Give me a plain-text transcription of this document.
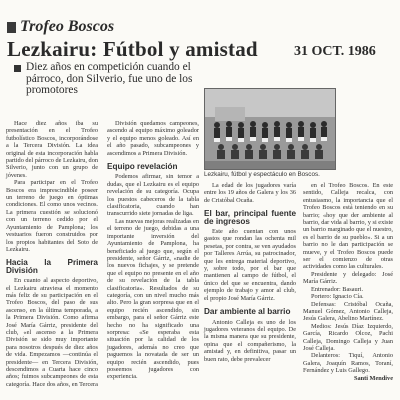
Trofeo Boscos
Lezkairu: Fútbol y amistad	31 OCT. 1986

Diez años en competición cuando el párroco, don Silverio, fue uno de los promotores

Hace diez años iba su presentación en el Trofeo futbolístico Boscos, incorporándose a la Tercera División. La idea original de esta incorporación habla partido del párroco de Lezkairu, don Silverio, junto con un grupo de jóvenes.

Para participar en el Trofeo Boscos era imprescindible poseer un terreno de juego en óptimas condiciones. El como unos vecinos. La primera cuestión se solucionó con un terreno cedido por el Ayuntamiento de Pamplona; los vestuarios fueron construidos por los propios habitantes del Soto de Lezkairu.

Hacia la Primera División

En cuanto al aspecto deportivo, el Lezkairu atraviesa el momento más feliz de su participación en el Trofeo Boscos, del paso de sus ascenso, en la última temporada, a la Primera División. Como afirma José María Gárriz, presidente del club, «el ascenso a la Primera División se sido muy importante para nosotros después de diez años de vida. Empezamos —continúa el presidente— en Tercera División, descendimos a Cuarta hace cinco años; fuimos subcampeones de esta categoría. Hace dos años, en Tercera

División quedamos campeones, ascendo al equipo máximo goleador y el equipo menos goleado. Así en el año pasado, subcampeones y ascendimos a Primera División.

Equipo revelación

Podemos afirmar, sin temor a dudas, que el Lezkairu es el equipo revelación de su categoría. Ocupa los puestos cabeceros de la tabla clasificatoria, cuando han transcurrido siete jornadas de liga.

Las nuevas mejoras realizadas en el terreno de juego, debidas a una importante inversión del Ayuntamiento de Pamplona, ha beneficiado al juego que, según el presidente, señor Gárriz, «nadie de los nuevos fichajes, y se pretende que el equipo no presente en el año de su revelación de la tabla clasificatoria». Resultados de su categoría, con un nivel mucho más alto. Pero la gran sorpresa que en el equipo recién ascendido, sin embargo, para el señor Gárriz este hecho no ha significado una sorpresa: «Se esperaba esta situación por la calidad de los jugadores, además no creo que paguemos la novatada de ser un equipo recién ascendido, pues poseemos jugadores con experiencia.

Lezkairu, fútbol y espectáculo en Boscos.

La edad de los jugadores varía entre los 19 años de Galera y los 36 de Cristóbal Ocaña.

El bar, principal fuente de ingresos

Este año cuentan con unos gastos que rondan las ochenta mil pesetas, por contra, se ven ayudados por Talleres Arrúa, su patrocinador, que les entrega material deportivo, y, sobre todo, por el bar que mantienen al campo de fútbol, el único del que se encuentra, dando ejemplo de trabajo y amor al club, el propio José María Gárriz.

Dar ambiente al barrio

Antonio Calleja es uno de los jugadores veteranos del equipo. De la misma manera que su presidente, opina que el compañerismo, la amistad y, en definitiva, pasar un buen rato, debe prevalecer

en el Trofeo Boscos. En este sentido, Calleja recalca, con entusiasmo, la importancia que el Trofeo Boscos está teniendo en su barrio; «hoy que der ambiente al barrio, dar vida al barrio, y si existe un barrio marginado que el nuestro, es el barrio de su pueblo». Si a un barrio no le dan participación se mueve, y el Trofeo Boscos puede ser el comienzo de otras actividades como las culturales.

Presidente y delegado: José María Gárriz.

Entrenador: Basauri.

Portero: Ignacio Cía.

Defensas: Cristóbal Ocaña, Manuel Gómez, Antonio Calleja, Jesús Galera, Abelino Martínez.

Medios: Jesús Díaz Izquierdo, García, Ricardo Olcoz, Pachi Calleja, Domingo Calleja y Juan José Calleja.

Delanteros: Tiquí, Antonio Galera, Joaquín Ramos, Toraní, Fernández y Luis Gallego.

Santi Mendive
